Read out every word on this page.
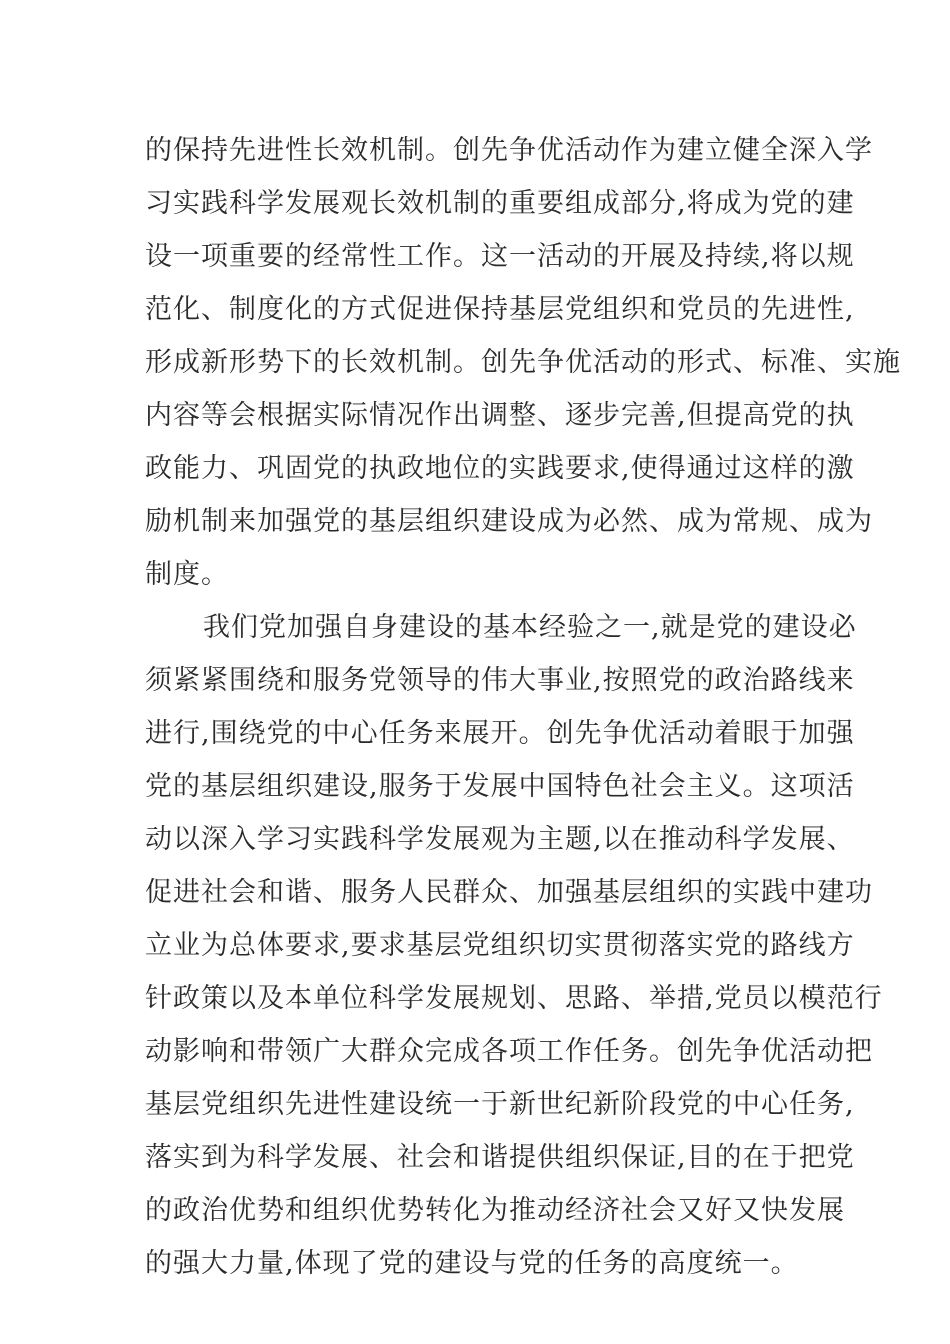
的保持先进性长效机制。创先争优活动作为建立健全深入学
习实践科学发展观长效机制的重要组成部分,将成为党的建
设一项重要的经常性工作。这一活动的开展及持续,将以规
范化、制度化的方式促进保持基层党组织和党员的先进性,
形成新形势下的长效机制。创先争优活动的形式、标准、实施
内容等会根据实际情况作出调整、逐步完善,但提高党的执
政能力、巩固党的执政地位的实践要求,使得通过这样的激
励机制来加强党的基层组织建设成为必然、成为常规、成为
制度。
我们党加强自身建设的基本经验之一,就是党的建设必
须紧紧围绕和服务党领导的伟大事业,按照党的政治路线来
进行,围绕党的中心任务来展开。创先争优活动着眼于加强
党的基层组织建设,服务于发展中国特色社会主义。这项活
动以深入学习实践科学发展观为主题,以在推动科学发展、
促进社会和谐、服务人民群众、加强基层组织的实践中建功
立业为总体要求,要求基层党组织切实贯彻落实党的路线方
针政策以及本单位科学发展规划、思路、举措,党员以模范行
动影响和带领广大群众完成各项工作任务。创先争优活动把
基层党组织先进性建设统一于新世纪新阶段党的中心任务,
落实到为科学发展、社会和谐提供组织保证,目的在于把党
的政治优势和组织优势转化为推动经济社会又好又快发展
的强大力量,体现了党的建设与党的任务的高度统一。
